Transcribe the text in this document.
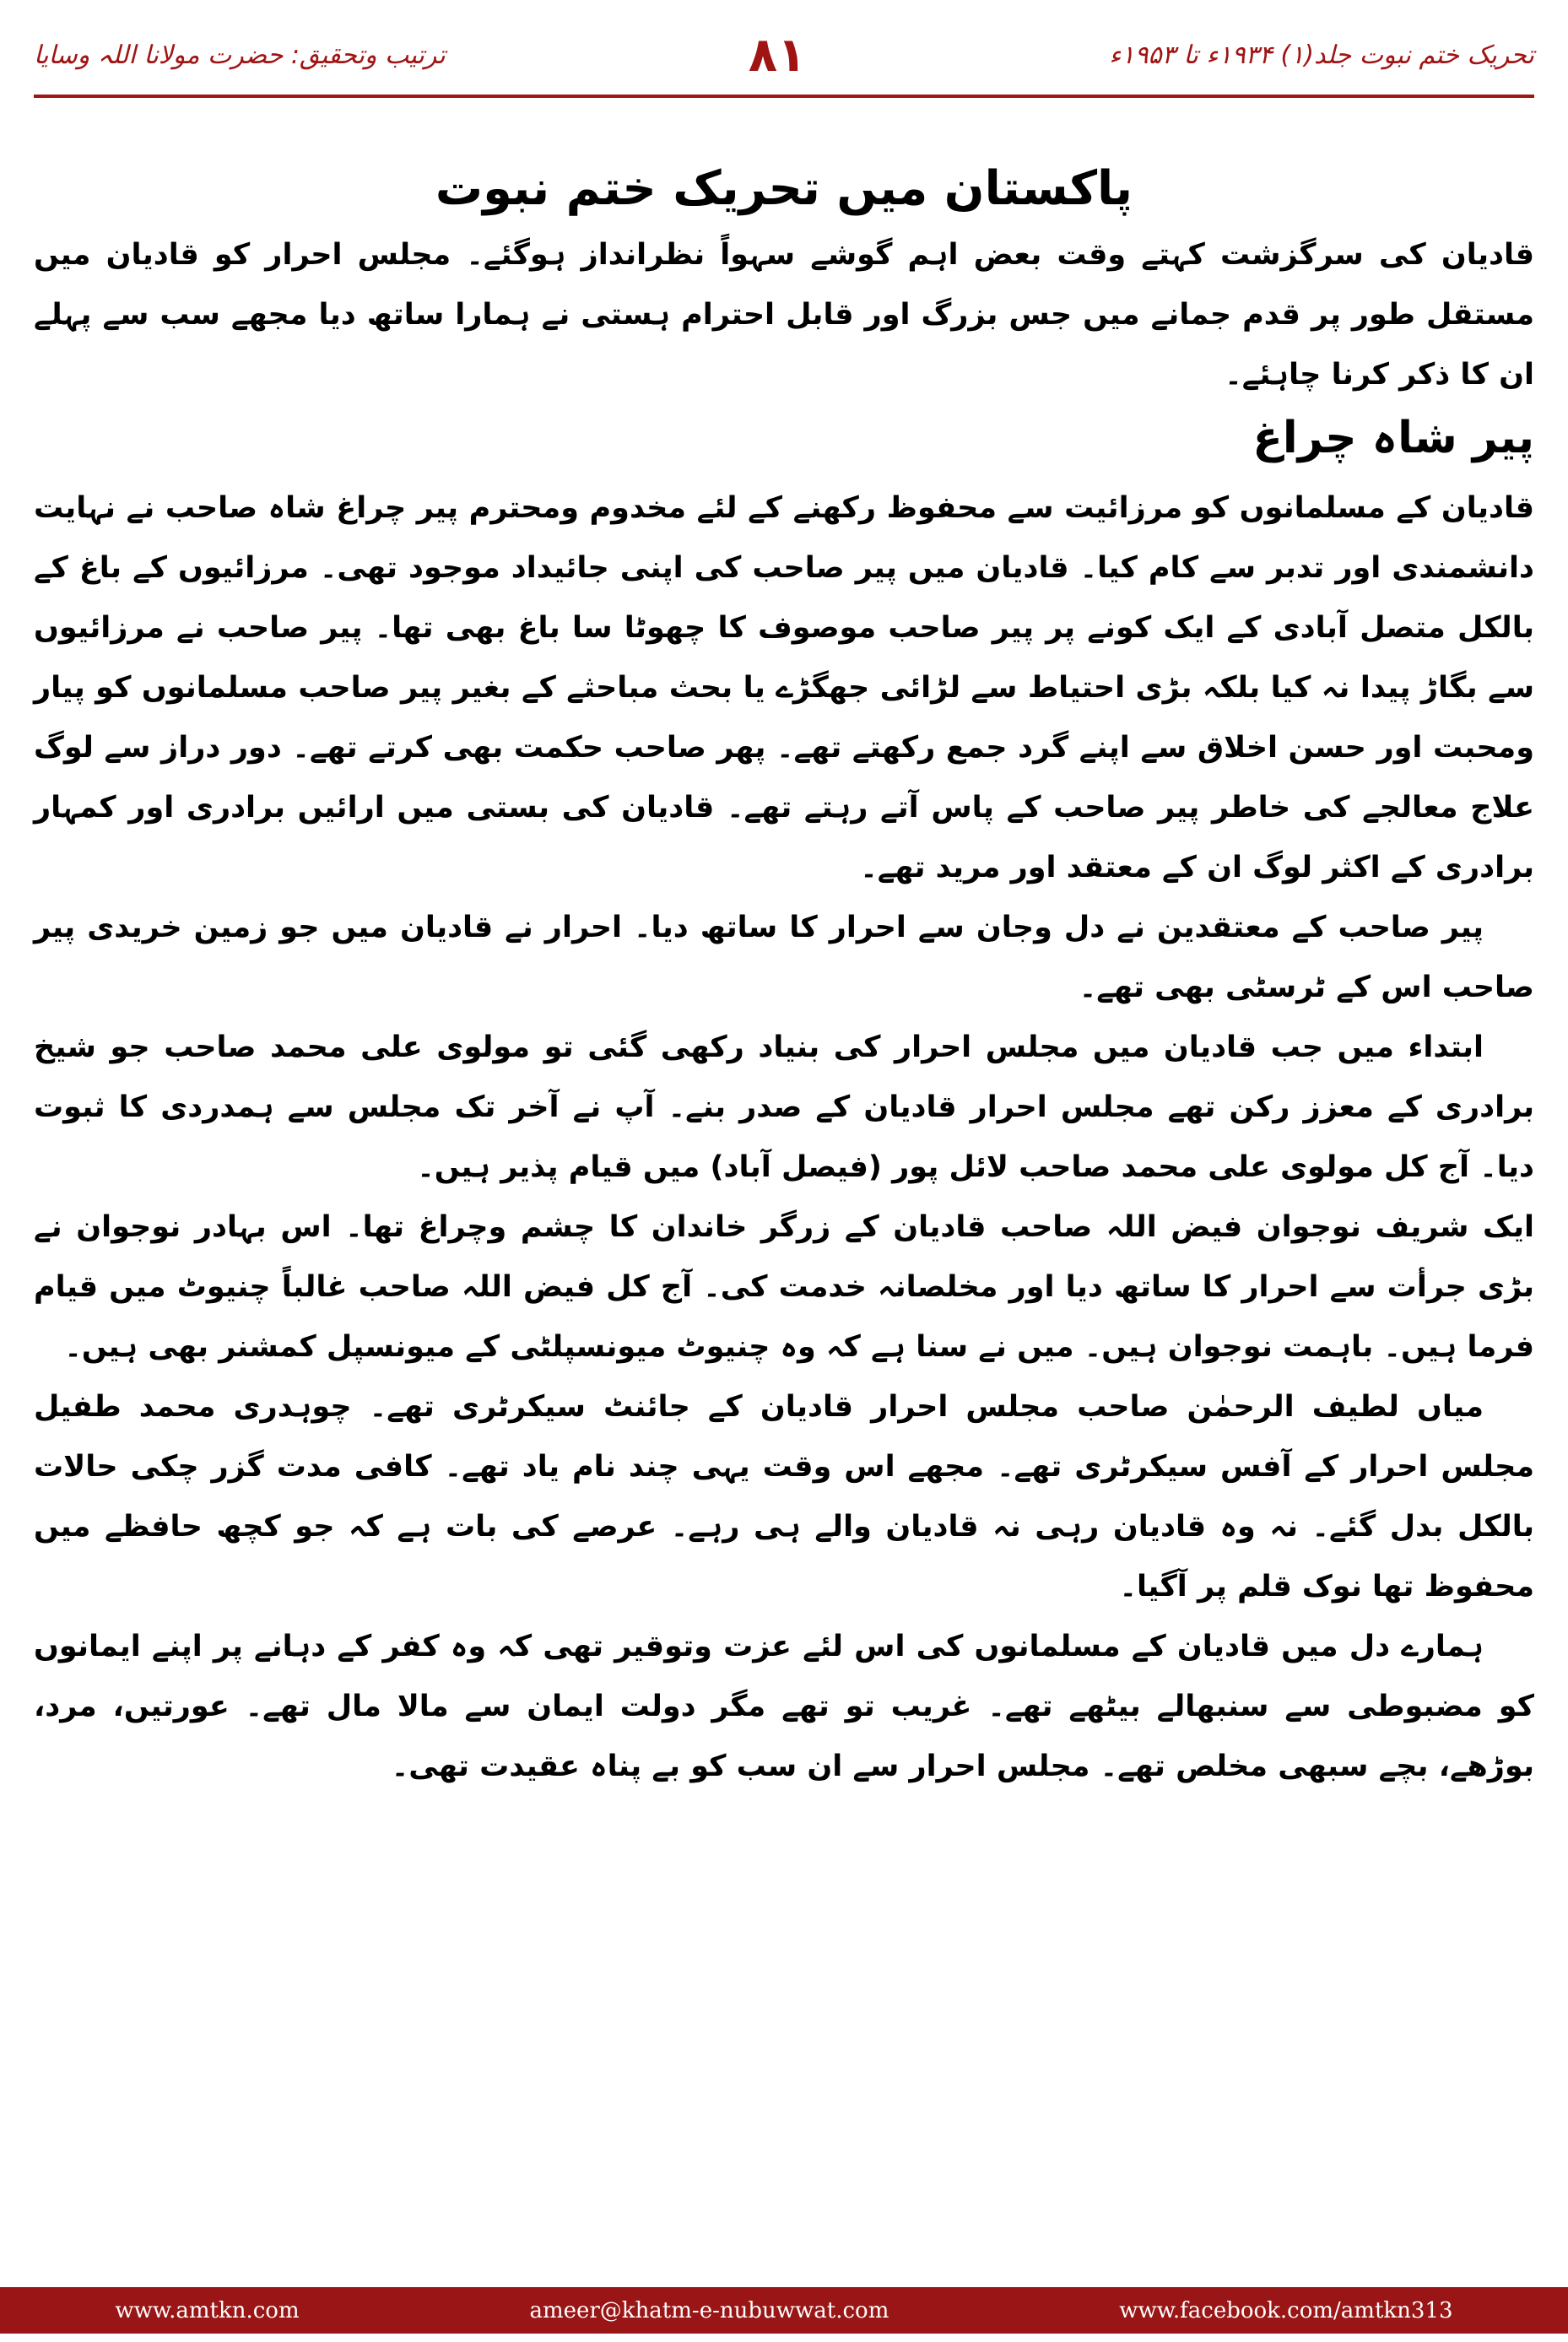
ترتیب وتحقیق: حضرت مولانا اللہ وسایا	۸۱	تحریک ختم نبوت جلد(۱) ۱۹۳۴ء تا ۱۹۵۳ء
پاکستان میں تحریک ختم نبوت

قادیان کی سرگزشت کہتے وقت بعض اہم گوشے سہواً نظرانداز ہوگئے۔ مجلس احرار کو قادیان میں مستقل طور پر قدم جمانے میں جس بزرگ اور قابل احترام ہستی نے ہمارا ساتھ دیا مجھے سب سے پہلے ان کا ذکر کرنا چاہئے۔

پیر شاہ چراغ

قادیان کے مسلمانوں کو مرزائیت سے محفوظ رکھنے کے لئے مخدوم ومحترم پیر چراغ شاہ صاحب نے نہایت دانشمندی اور تدبر سے کام کیا۔ قادیان میں پیر صاحب کی اپنی جائیداد موجود تھی۔ مرزائیوں کے باغ کے بالکل متصل آبادی کے ایک کونے پر پیر صاحب موصوف کا چھوٹا سا باغ بھی تھا۔ پیر صاحب نے مرزائیوں سے بگاڑ پیدا نہ کیا بلکہ بڑی احتیاط سے لڑائی جھگڑے یا بحث مباحثے کے بغیر پیر صاحب مسلمانوں کو پیار ومحبت اور حسن اخلاق سے اپنے گرد جمع رکھتے تھے۔ پھر صاحب حکمت بھی کرتے تھے۔ دور دراز سے لوگ علاج معالجے کی خاطر پیر صاحب کے پاس آتے رہتے تھے۔ قادیان کی بستی میں ارائیں برادری اور کمہار برادری کے اکثر لوگ ان کے معتقد اور مرید تھے۔

پیر صاحب کے معتقدین نے دل وجان سے احرار کا ساتھ دیا۔ احرار نے قادیان میں جو زمین خریدی پیر صاحب اس کے ٹرسٹی بھی تھے۔

ابتداء میں جب قادیان میں مجلس احرار کی بنیاد رکھی گئی تو مولوی علی محمد صاحب جو شیخ برادری کے معزز رکن تھے مجلس احرار قادیان کے صدر بنے۔ آپ نے آخر تک مجلس سے ہمدردی کا ثبوت دیا۔ آج کل مولوی علی محمد صاحب لائل پور (فیصل آباد) میں قیام پذیر ہیں۔

ایک شریف نوجوان فیض اللہ صاحب قادیان کے زرگر خاندان کا چشم وچراغ تھا۔ اس بہادر نوجوان نے بڑی جرأت سے احرار کا ساتھ دیا اور مخلصانہ خدمت کی۔ آج کل فیض اللہ صاحب غالباً چنیوٹ میں قیام فرما ہیں۔ باہمت نوجوان ہیں۔ میں نے سنا ہے کہ وہ چنیوٹ میونسپلٹی کے میونسپل کمشنر بھی ہیں۔

میاں لطیف الرحمٰن صاحب مجلس احرار قادیان کے جائنٹ سیکرٹری تھے۔ چوہدری محمد طفیل مجلس احرار کے آفس سیکرٹری تھے۔ مجھے اس وقت یہی چند نام یاد تھے۔ کافی مدت گزر چکی حالات بالکل بدل گئے۔ نہ وہ قادیان رہی نہ قادیان والے ہی رہے۔ عرصے کی بات ہے کہ جو کچھ حافظے میں محفوظ تھا نوک قلم پر آگیا۔

ہمارے دل میں قادیان کے مسلمانوں کی اس لئے عزت وتوقیر تھی کہ وہ کفر کے دہانے پر اپنے ایمانوں کو مضبوطی سے سنبھالے بیٹھے تھے۔ غریب تو تھے مگر دولت ایمان سے مالا مال تھے۔ عورتیں، مرد، بوڑھے، بچے سبھی مخلص تھے۔ مجلس احرار سے ان سب کو بے پناہ عقیدت تھی۔

www.amtkn.com	ameer@khatm-e-nubuwwat.com	www.facebook.com/amtkn313
